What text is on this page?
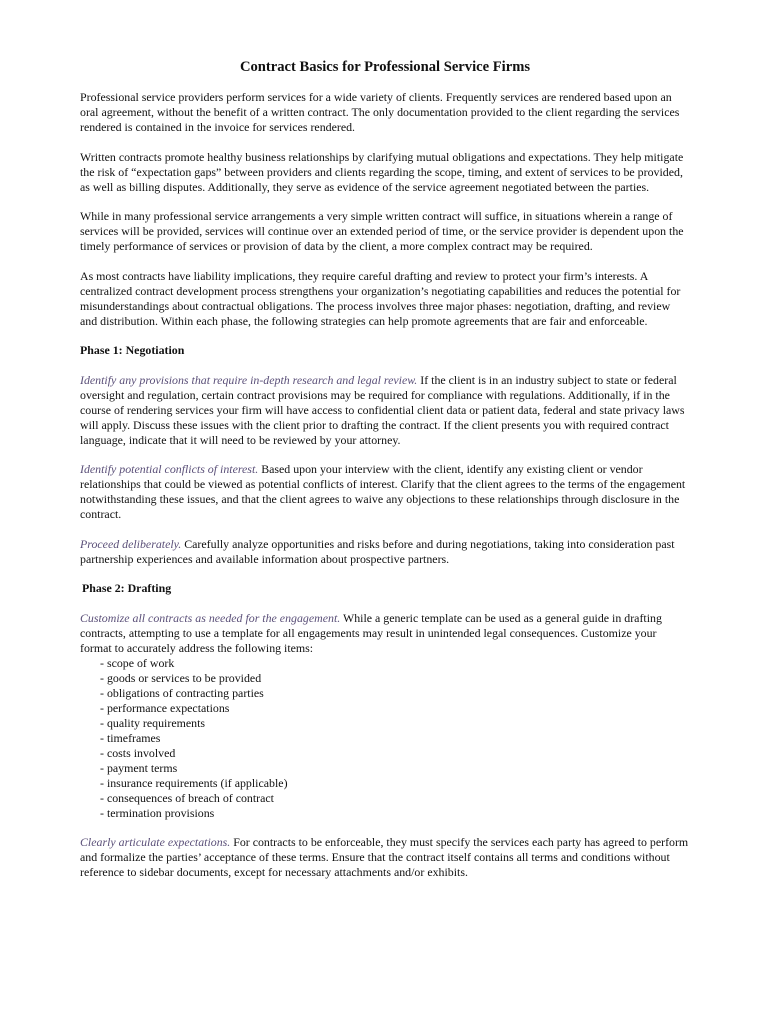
Contract Basics for Professional Service Firms

Professional service providers perform services for a wide variety of clients. Frequently services are rendered based upon an oral agreement, without the benefit of a written contract. The only documentation provided to the client regarding the services rendered is contained in the invoice for services rendered.

Written contracts promote healthy business relationships by clarifying mutual obligations and expectations. They help mitigate the risk of “expectation gaps” between providers and clients regarding the scope, timing, and extent of services to be provided, as well as billing disputes. Additionally, they serve as evidence of the service agreement negotiated between the parties.

While in many professional service arrangements a very simple written contract will suffice, in situations wherein a range of services will be provided, services will continue over an extended period of time, or the service provider is dependent upon the timely performance of services or provision of data by the client, a more complex contract may be required.

As most contracts have liability implications, they require careful drafting and review to protect your firm’s interests. A centralized contract development process strengthens your organization’s negotiating capabilities and reduces the potential for misunderstandings about contractual obligations. The process involves three major phases: negotiation, drafting, and review and distribution. Within each phase, the following strategies can help promote agreements that are fair and enforceable.

Phase 1: Negotiation

Identify any provisions that require in-depth research and legal review. If the client is in an industry subject to state or federal oversight and regulation, certain contract provisions may be required for compliance with regulations. Additionally, if in the course of rendering services your firm will have access to confidential client data or patient data, federal and state privacy laws will apply. Discuss these issues with the client prior to drafting the contract. If the client presents you with required contract language, indicate that it will need to be reviewed by your attorney.

Identify potential conflicts of interest. Based upon your interview with the client, identify any existing client or vendor relationships that could be viewed as potential conflicts of interest. Clarify that the client agrees to the terms of the engagement notwithstanding these issues, and that the client agrees to waive any objections to these relationships through disclosure in the contract.

Proceed deliberately. Carefully analyze opportunities and risks before and during negotiations, taking into consideration past partnership experiences and available information about prospective partners.

Phase 2: Drafting

Customize all contracts as needed for the engagement. While a generic template can be used as a general guide in drafting contracts, attempting to use a template for all engagements may result in unintended legal consequences. Customize your format to accurately address the following items:

- scope of work
- goods or services to be provided
- obligations of contracting parties
- performance expectations
- quality requirements
- timeframes
- costs involved
- payment terms
- insurance requirements (if applicable)
- consequences of breach of contract
- termination provisions

Clearly articulate expectations. For contracts to be enforceable, they must specify the services each party has agreed to perform and formalize the parties’ acceptance of these terms. Ensure that the contract itself contains all terms and conditions without reference to sidebar documents, except for necessary attachments and/or exhibits.
